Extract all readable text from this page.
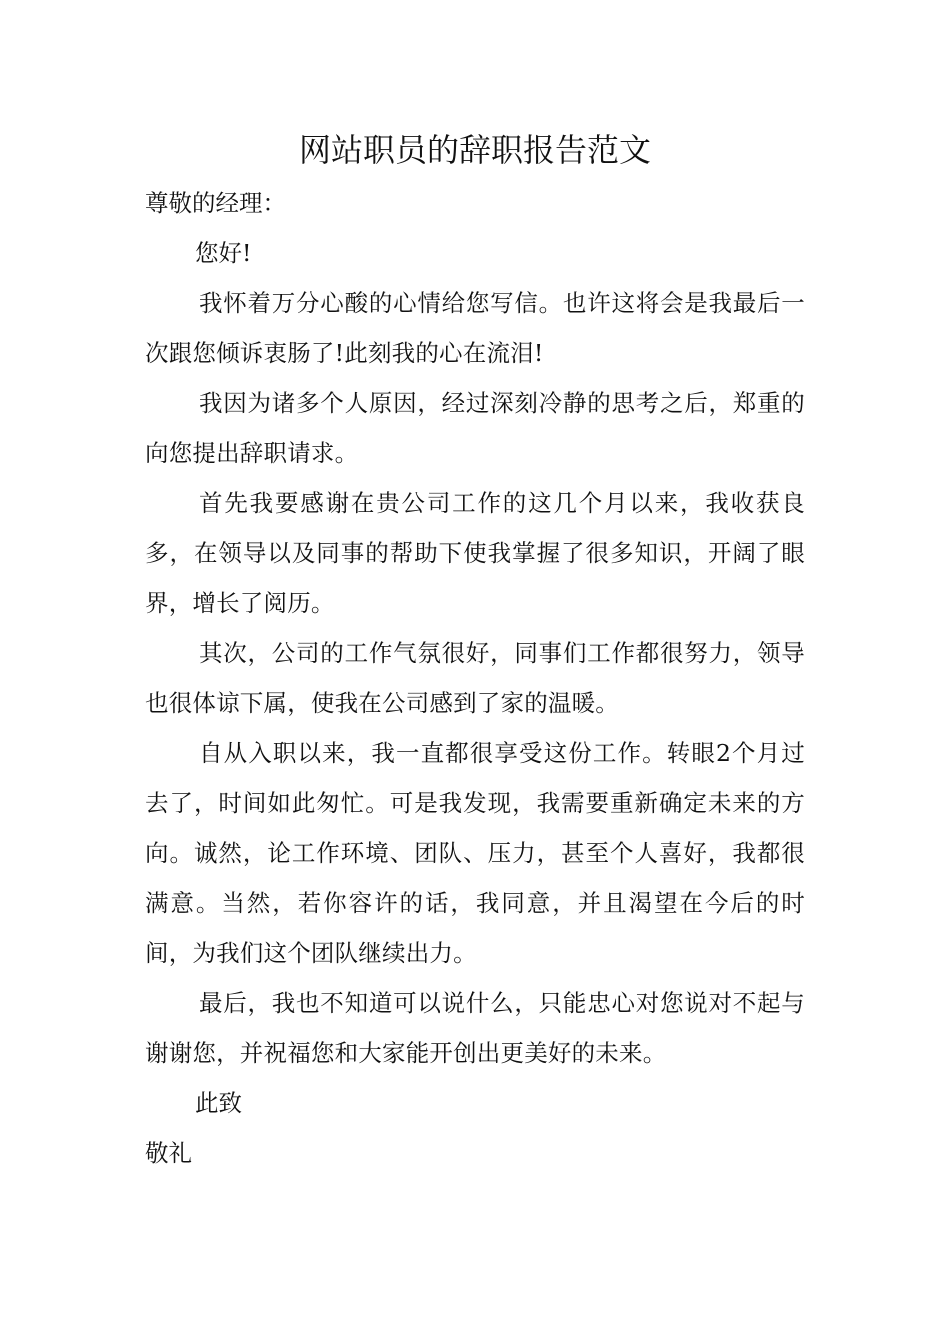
网站职员的辞职报告范文

尊敬的经理：

您好!

我怀着万分心酸的心情给您写信。也许这将会是我最后一次跟您倾诉衷肠了!此刻我的心在流泪!

我因为诸多个人原因，经过深刻冷静的思考之后，郑重的向您提出辞职请求。

首先我要感谢在贵公司工作的这几个月以来，我收获良多，在领导以及同事的帮助下使我掌握了很多知识，开阔了眼界，增长了阅历。

其次，公司的工作气氛很好，同事们工作都很努力，领导也很体谅下属，使我在公司感到了家的温暖。

自从入职以来，我一直都很享受这份工作。转眼2个月过去了，时间如此匆忙。可是我发现，我需要重新确定未来的方向。诚然，论工作环境、团队、压力，甚至个人喜好，我都很满意。当然，若你容许的话，我同意，并且渴望在今后的时间，为我们这个团队继续出力。

最后，我也不知道可以说什么，只能忠心对您说对不起与谢谢您，并祝福您和大家能开创出更美好的未来。

此致

敬礼
